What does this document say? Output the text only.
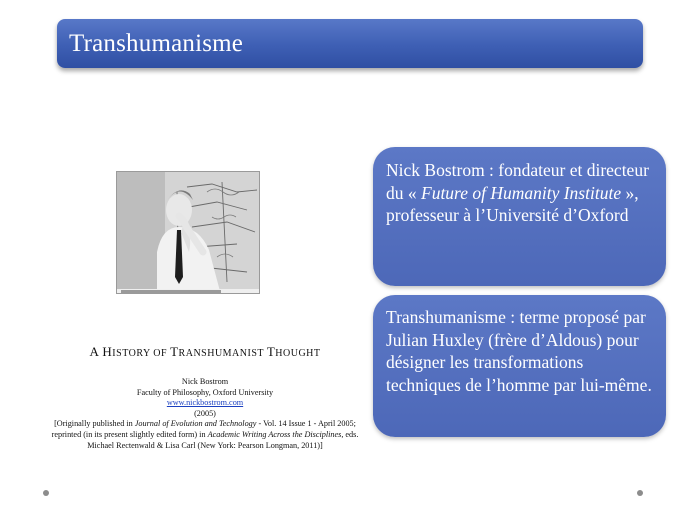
Transhumanisme
A HISTORY OF TRANSHUMANIST THOUGHT
Nick Bostrom
Faculty of Philosophy, Oxford University
www.nickbostrom.com
(2005)
[Originally published in Journal of Evolution and Technology - Vol. 14 Issue 1 - April 2005;
reprinted (in its present slightly edited form) in Academic Writing Across the Disciplines, eds.
Michael Rectenwald & Lisa Carl (New York: Pearson Longman, 2011)]
Nick Bostrom : fondateur et directeur du « Future of Humanity Institute », professeur à l’Université d’Oxford
Transhumanisme : terme proposé par Julian Huxley (frère d’Aldous) pour désigner les transformations techniques de l’homme par lui-même.
